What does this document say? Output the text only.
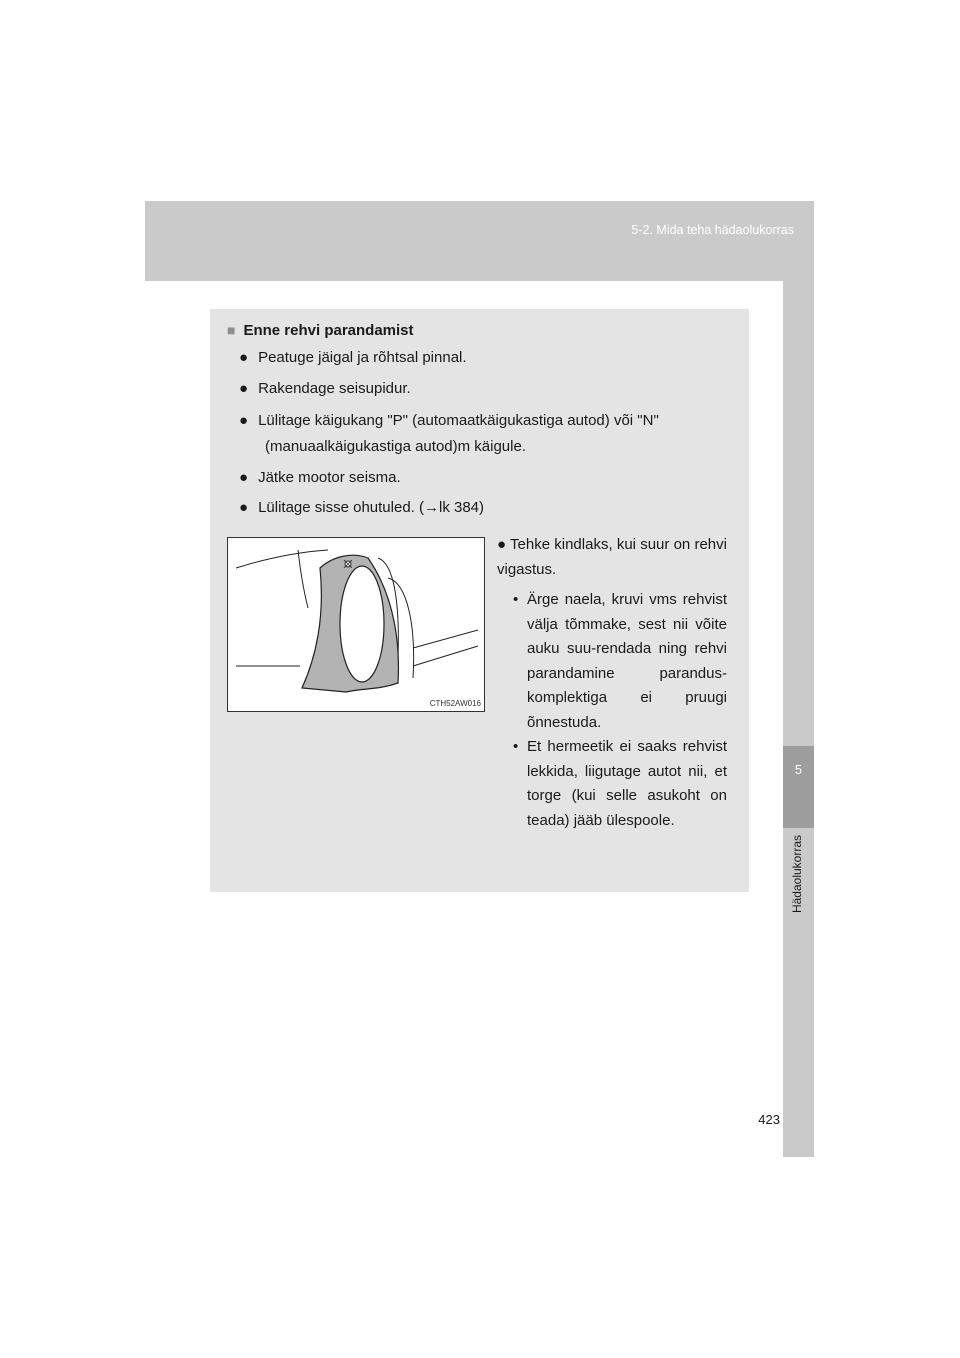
5-2. Mida teha hädaolukorras
5
Hädaolukorras
423
■ Enne rehvi parandamist
● Peatuge jäigal ja rõhtsal pinnal.
● Rakendage seisupidur.
● Lülitage käigukang "P" (automaatkäigukastiga autod) või "N"
(manuaalkäigukastiga autod)m käigule.
● Jätke mootor seisma.
● Lülitage sisse ohutuled. (→lk 384)
● Tehke kindlaks, kui suur on rehvi vigastus.
• Ärge naela, kruvi vms rehvist välja tõmmake, sest nii võite auku suu-rendada ning rehvi parandamine parandus-komplektiga ei pruugi õnnestuda.
• Et hermeetik ei saaks rehvist lekkida, liigutage autot nii, et torge (kui selle asukoht on teada) jääb ülespoole.
CTH52AW016
